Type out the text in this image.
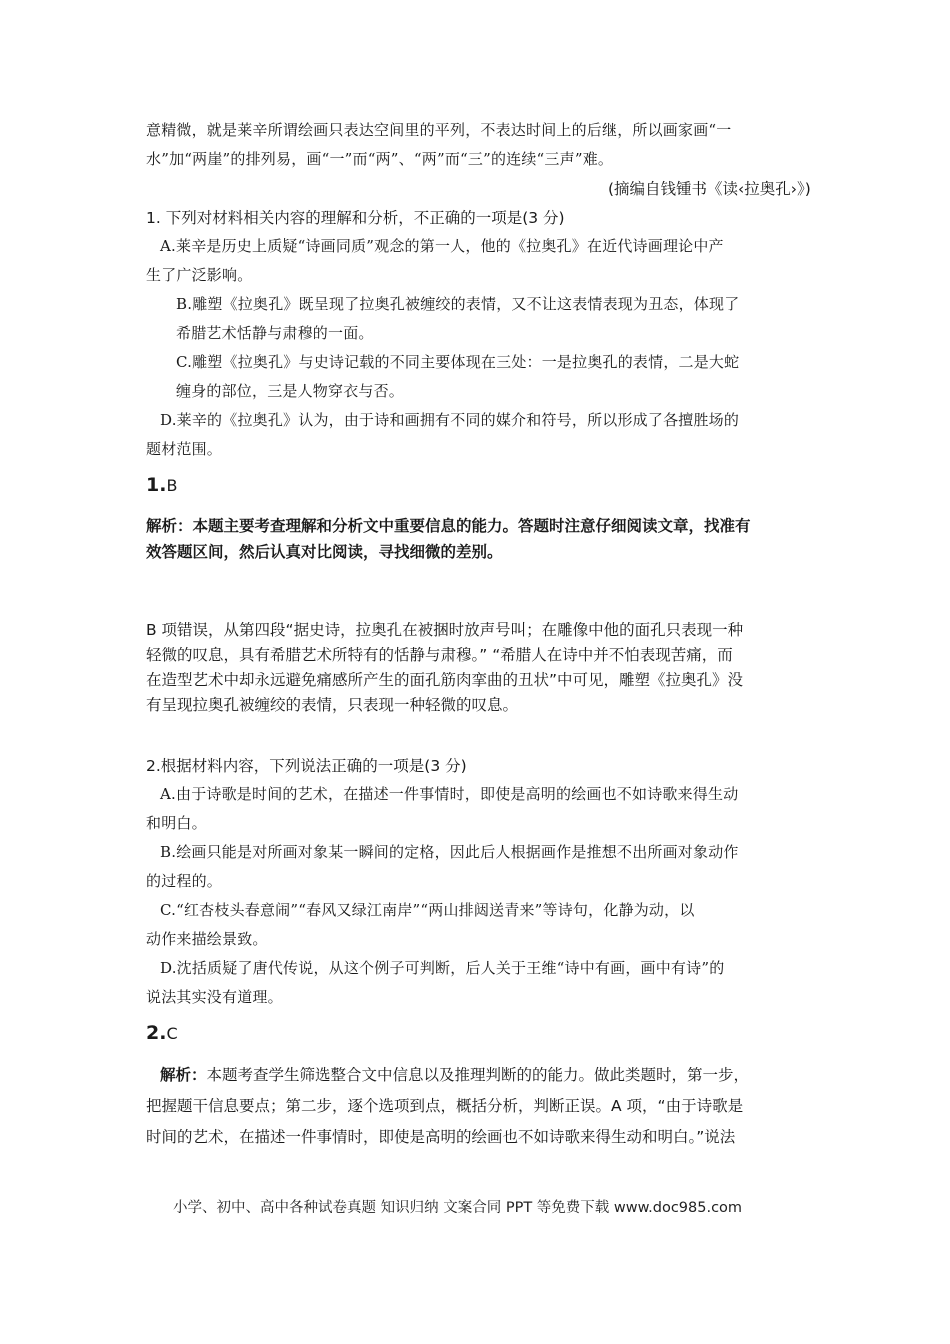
意精微，就是莱辛所谓绘画只表达空间里的平列，不表达时间上的后继，所以画家画“一
水”加“两崖”的排列易，画“一”而“两”、“两”而“三”的连续“三声”难。
(摘编自钱锺书《读‹拉奥孔›》)
1. 下列对材料相关内容的理解和分析，不正确的一项是(3 分)
A.莱辛是历史上质疑“诗画同质”观念的第一人，他的《拉奥孔》在近代诗画理论中产
生了广泛影响。
B.雕塑《拉奥孔》既呈现了拉奥孔被缠绞的表情，又不让这表情表现为丑态，体现了
希腊艺术恬静与肃穆的一面。
C.雕塑《拉奥孔》与史诗记载的不同主要体现在三处：一是拉奥孔的表情，二是大蛇
缠身的部位，三是人物穿衣与否。
D.莱辛的《拉奥孔》认为，由于诗和画拥有不同的媒介和符号，所以形成了各擅胜场的
题材范围。
1.B
解析：本题主要考查理解和分析文中重要信息的能力。答题时注意仔细阅读文章，找准有
效答题区间，然后认真对比阅读，寻找细微的差别。
B 项错误，从第四段“据史诗，拉奥孔在被捆时放声号叫；在雕像中他的面孔只表现一种
轻微的叹息，具有希腊艺术所特有的恬静与肃穆。” “希腊人在诗中并不怕表现苦痛，而
在造型艺术中却永远避免痛感所产生的面孔筋肉挛曲的丑状”中可见，雕塑《拉奥孔》没
有呈现拉奥孔被缠绞的表情，只表现一种轻微的叹息。
2.根据材料内容，下列说法正确的一项是(3 分)
A.由于诗歌是时间的艺术，在描述一件事情时，即使是高明的绘画也不如诗歌来得生动
和明白。
B.绘画只能是对所画对象某一瞬间的定格，因此后人根据画作是推想不出所画对象动作
的过程的。
C.“红杏枝头春意闹”“春风又绿江南岸”“两山排闼送青来”等诗句，化静为动，以
动作来描绘景致。
D.沈括质疑了唐代传说，从这个例子可判断，后人关于王维“诗中有画，画中有诗”的
说法其实没有道理。
2.C
解析：本题考查学生筛选整合文中信息以及推理判断的的能力。做此类题时，第一步，
把握题干信息要点；第二步，逐个选项到点，概括分析，判断正误。A 项，“由于诗歌是
时间的艺术，在描述一件事情时，即使是高明的绘画也不如诗歌来得生动和明白。”说法
小学、初中、高中各种试卷真题 知识归纳 文案合同 PPT 等免费下载 www.doc985.com
